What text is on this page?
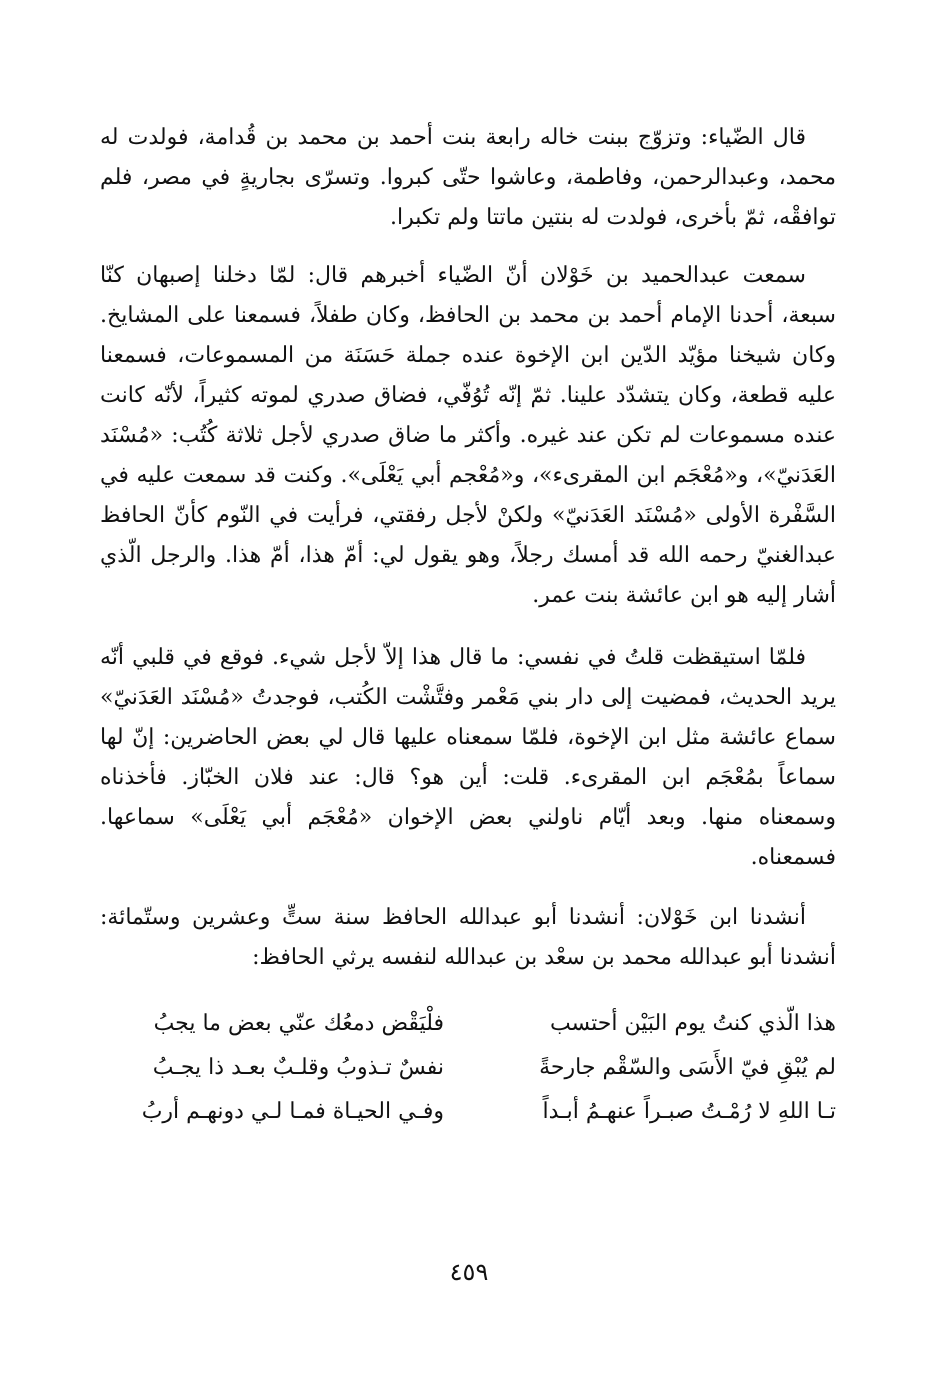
قال الضّياء: وتزوّج ببنت خاله رابعة بنت أحمد بن محمد بن قُدامة، فولدت له محمد، وعبدالرحمن، وفاطمة، وعاشوا حتّى كبروا. وتسرّى بجاريةٍ في مصر، فلم توافقْه، ثمّ بأخرى، فولدت له بنتين ماتتا ولم تكبرا.

سمعت عبدالحميد بن خَوْلان أنّ الضّياء أخبرهم قال: لمّا دخلنا إصبهان كنّا سبعة، أحدنا الإمام أحمد بن محمد بن الحافظ، وكان طفلاً، فسمعنا على المشايخ. وكان شيخنا مؤيّد الدّين ابن الإخوة عنده جملة حَسَنَة من المسموعات، فسمعنا عليه قطعة، وكان يتشدّد علينا. ثمّ إنّه تُوُفّي، فضاق صدري لموته كثيراً، لأنّه كانت عنده مسموعات لم تكن عند غيره. وأكثر ما ضاق صدري لأجل ثلاثة كُتُب: «مُسْنَد العَدَنيّ»، و«مُعْجَم ابن المقرىء»، و«مُعْجم أبي يَعْلَى». وكنت قد سمعت عليه في السَّفْرة الأولى «مُسْنَد العَدَنيّ» ولكنْ لأجل رفقتي، فرأيت في النّوم كأنّ الحافظ عبدالغنيّ رحمه الله قد أمسك رجلاً، وهو يقول لي: أمّ هذا، أمّ هذا. والرجل الّذي أشار إليه هو ابن عائشة بنت عمر.

فلمّا استيقظت قلتُ في نفسي: ما قال هذا إلاّ لأجل شيء. فوقع في قلبي أنّه يريد الحديث، فمضيت إلى دار بني مَعْمر وفتَّشْت الكُتب، فوجدتُ «مُسْنَد العَدَنيّ» سماع عائشة مثل ابن الإخوة، فلمّا سمعناه عليها قال لي بعض الحاضرين: إنّ لها سماعاً بمُعْجَم ابن المقرىء. قلت: أين هو؟ قال: عند فلان الخبّاز. فأخذناه وسمعناه منها. وبعد أيّام ناولني بعض الإخوان «مُعْجَم أبي يَعْلَى» سماعها. فسمعناه.

أنشدنا ابن خَوْلان: أنشدنا أبو عبدالله الحافظ سنة ستٍّ وعشرين وستّمائة: أنشدنا أبو عبدالله محمد بن سعْد بن عبدالله لنفسه يرثي الحافظ:

هذا الّذي كنتُ يوم البَيْن أحتسب
فلْيَقْض دمعُك عنّي بعض ما يجبُ
لم يُبْقِ فيّ الأَسَى والسّقْم جارحةً
نفسٌ تـذوبُ وقلـبٌ بعـد ذا يجـبُ
تـا اللهِ لا رُمْـتُ صبـراً عنهـمُ أبـداً
وفـي الحيـاة فمـا لـي دونهـم أربُ
٤٥٩
